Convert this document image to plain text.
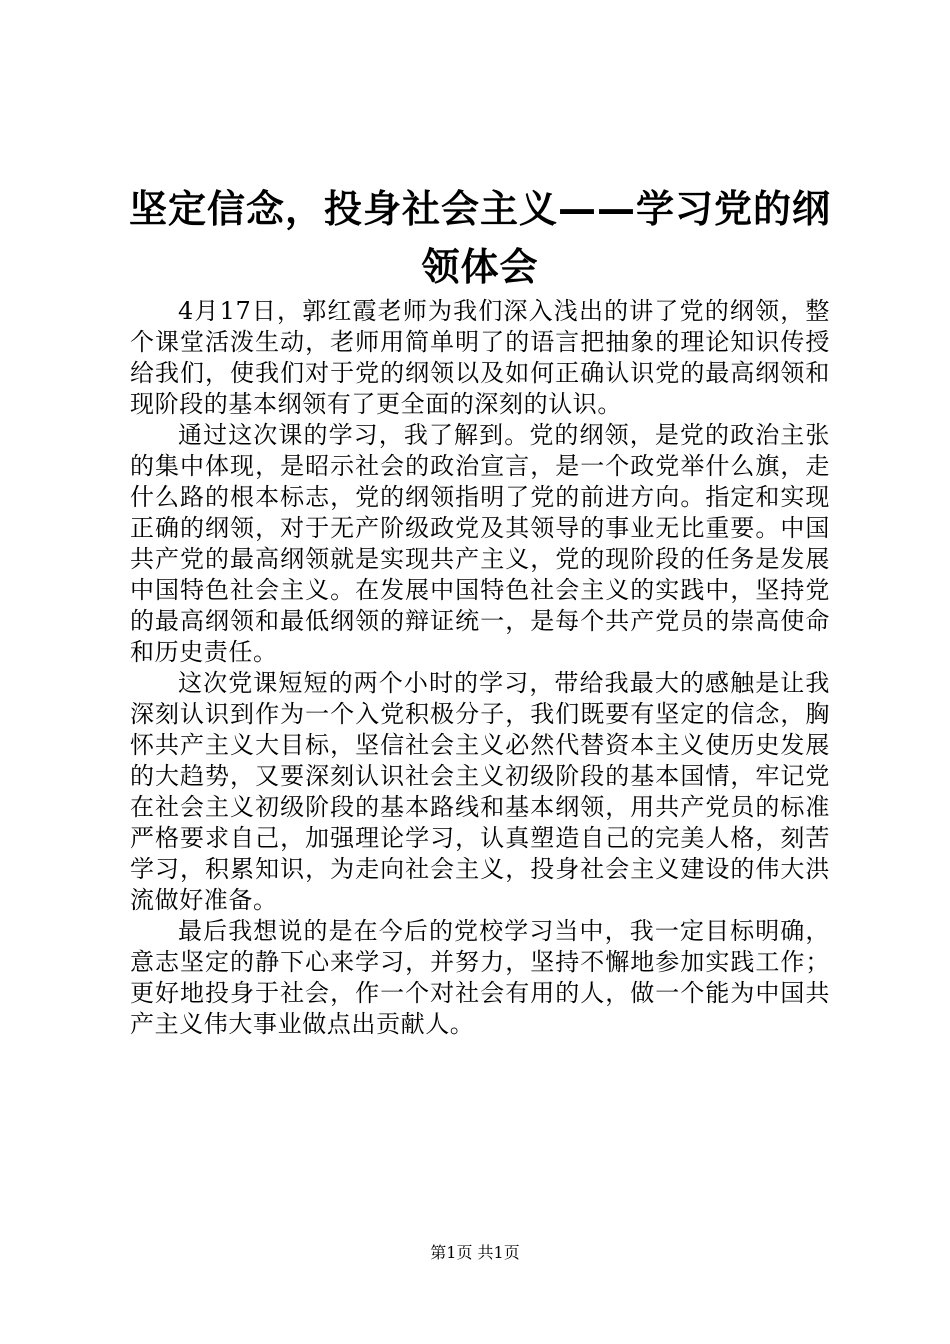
坚定信念，投身社会主义——学习党的纲领体会

4月17日，郭红霞老师为我们深入浅出的讲了党的纲领，整个课堂活泼生动，老师用简单明了的语言把抽象的理论知识传授给我们，使我们对于党的纲领以及如何正确认识党的最高纲领和现阶段的基本纲领有了更全面的深刻的认识。

通过这次课的学习，我了解到。党的纲领，是党的政治主张的集中体现，是昭示社会的政治宣言，是一个政党举什么旗，走什么路的根本标志，党的纲领指明了党的前进方向。指定和实现正确的纲领，对于无产阶级政党及其领导的事业无比重要。中国共产党的最高纲领就是实现共产主义，党的现阶段的任务是发展中国特色社会主义。在发展中国特色社会主义的实践中，坚持党的最高纲领和最低纲领的辩证统一，是每个共产党员的崇高使命和历史责任。

这次党课短短的两个小时的学习，带给我最大的感触是让我深刻认识到作为一个入党积极分子，我们既要有坚定的信念，胸怀共产主义大目标，坚信社会主义必然代替资本主义使历史发展的大趋势，又要深刻认识社会主义初级阶段的基本国情，牢记党在社会主义初级阶段的基本路线和基本纲领，用共产党员的标准严格要求自己，加强理论学习，认真塑造自己的完美人格，刻苦学习，积累知识，为走向社会主义，投身社会主义建设的伟大洪流做好准备。

最后我想说的是在今后的党校学习当中，我一定目标明确，意志坚定的静下心来学习，并努力，坚持不懈地参加实践工作；更好地投身于社会，作一个对社会有用的人，做一个能为中国共产主义伟大事业做点出贡献人。

第1页 共1页
